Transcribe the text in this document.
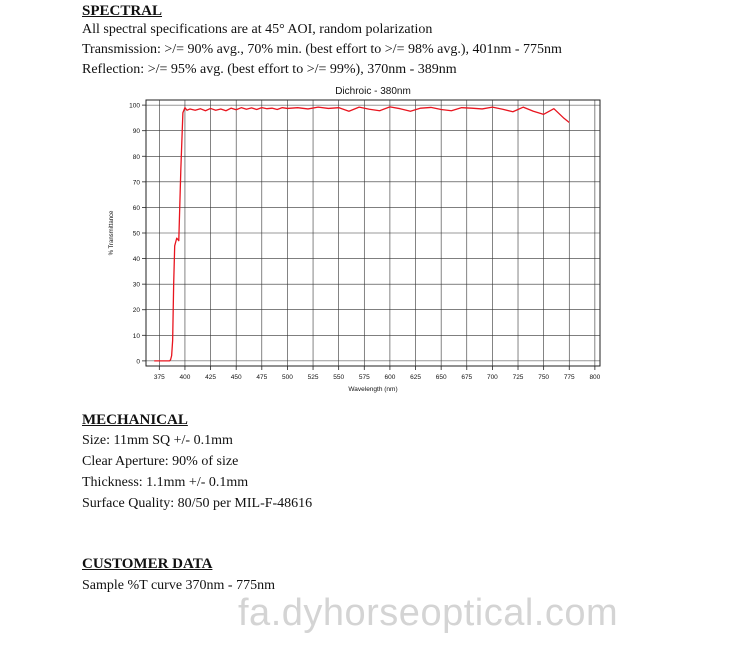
SPECTRAL
All spectral specifications are at 45° AOI, random polarization
Transmission: >/= 90% avg., 70% min. (best effort to >/= 98% avg.), 401nm - 775nm
Reflection: >/= 95% avg. (best effort to >/= 99%), 370nm - 389nm
Dichroic - 380nm
375 400 425 450 475 500 525 550 575 600 625 650 675 700 725 750 775 800
0
10
20
30
40
50
60
70
80
90
100
Wavelength (nm)
% Transmittance
MECHANICAL
Size: 11mm SQ +/- 0.1mm
Clear Aperture: 90% of size
Thickness: 1.1mm +/- 0.1mm
Surface Quality: 80/50 per MIL-F-48616
CUSTOMER DATA
Sample %T curve 370nm - 775nm
fa.dyhorseoptical.com
